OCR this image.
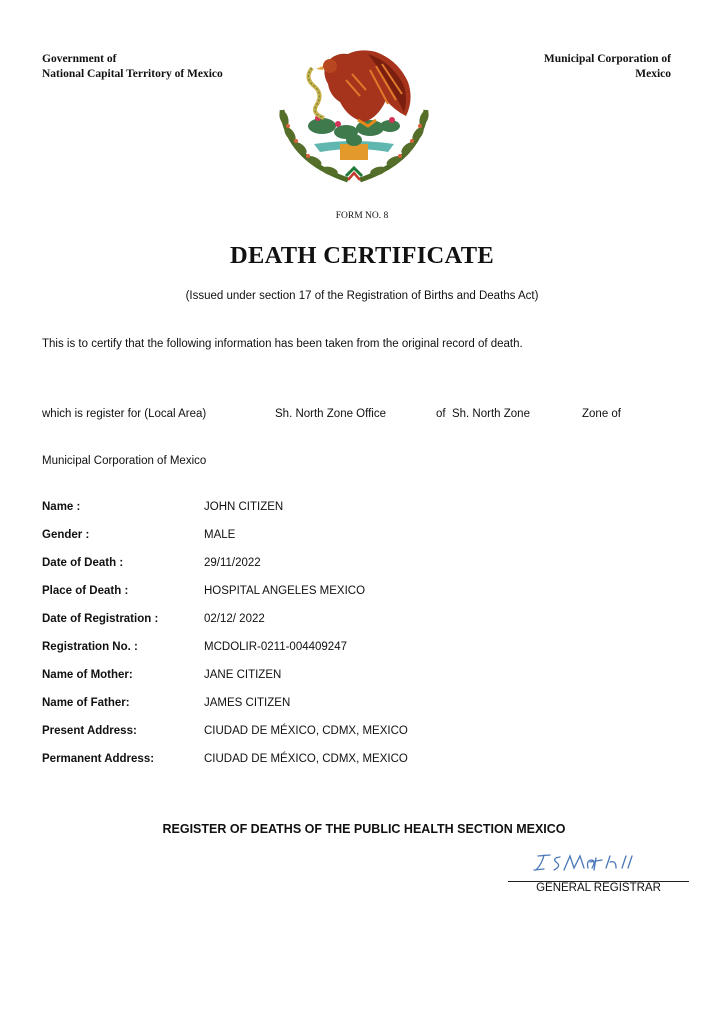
Government of
National Capital Territory of Mexico
Municipal Corporation of
Mexico
FORM NO. 8
DEATH CERTIFICATE
(Issued under section 17 of the Registration of Births and Deaths Act)
This is to certify that the following information has been taken from the original record of death.
which is register for (Local Area)	Sh. North Zone Office	of  Sh. North Zone	Zone of
Municipal Corporation of Mexico
Name :	JOHN CITIZEN
Gender :	MALE
Date of Death :	29/11/2022
Place of Death :	HOSPITAL ANGELES MEXICO
Date of Registration :	02/12/ 2022
Registration No. :	MCDOLIR-0211-004409247
Name of Mother:	JANE CITIZEN
Name of Father:	JAMES CITIZEN
Present Address:	CIUDAD DE MÉXICO, CDMX, MEXICO
Permanent Address:	CIUDAD DE MÉXICO, CDMX, MEXICO
REGISTER OF DEATHS OF THE PUBLIC HEALTH SECTION MEXICO
GENERAL REGISTRAR
